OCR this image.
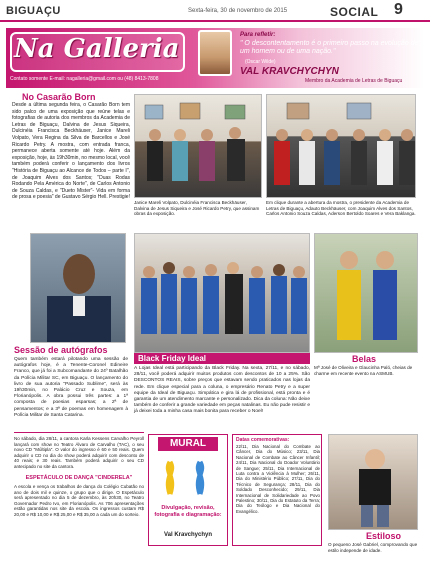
BIGUAÇU	Sexta-feira, 30 de novembro de 2015	SOCIAL 9
Na Galleria
Contato somente E-mail: nagalleria@gmail.com ou (48) 8413-7808
Para refletir:
" O descontentamento é o primeiro passo na evolução de um homem ou de uma nação."
(Oscar Wilde)
VAL KRAVCHYCHYN
Membro da Academia de Letras de Biguaçu
No Casarão Born
Desde a última segunda feira, o Casarão Born tem sido palco de uma exposição que reúne telas e fotografias de autoria dos membros da Academia de Letras de Biguaçu, Dalvina de Jesus Siqueira, Dulcinéia Francisca Beckhäuser, Janice Mareli Volpato, Vera Regina da Silva de Barcellos e José Ricardo Petry. A mostra, com entrada franca, permanece aberta somente até hoje. Além da exposição, hoje, às 19h30min, no mesmo local, você também poderá conferir o lançamento dos livros "História de Biguaçu ao Alcance de Todos – parte I", de Joaquim Alves dos Santos; "Duas Rodas Rodando Pela América do Norte", de Carlos Antonio de Souza Caldas, e "Dueto Mister"- Vida em forma de prosa e poesia" de Gustavo Sérgio Hell. Prestigie!
Janice Mareli Volpato, Dulcinéia Francisca Beckhäuser, Dalvina de Jesus Siqueira e José Ricardo Petry, que assinam obras da exposição.
Em clique durante a abertura da mostra, o presidente da Academia de Letras de Biguaçu, Adauto Beckhäuser, com Joaquim Alves dos Santos, Carlos Antonio Souza Caldas, Aderson Bertoldo Soares e Vera Baklanga.
Sessão de autógrafos
Quem também estará pilotando uma sessão de autógrafos hoje, é a Tenente-Coronel Edineire Franco, que já foi a Subcomandante do 24º Batalhão da Polícia Militar SC, em Biguaçu. O lançamento do livro de sua autoria "Passado Sublime", será às 19h30min, no Palácio Cruz e Souza, em Florianópolis. A obra possui três partes: a 1ª composta de poesias esparsas; a 2ª de pensamentos; e a 3ª de poemas em homenagem à Polícia Militar de Santa Catarina.
Black Friday Ideal
A Lojas Ideal está participando da Black Friday. Na sexta, 27/11, e no sábado, 28/11, você poderá adquirir muitos produtos com descontos de 10 a 25%. São DESCONTOS REAIS, sobre preços que estavam sendo praticados nas lojas da rede. Em clique especial para a coluna, o empresário Renato Petry e a super equipe da Ideal de Biguaçu. Simpática e gira lá de profissional, está pronta e é garantia de um atendimento marcante e personalizado. Dica da coluna: Não deixe também de conferir a grande variedade em peças natalinas. Eu não pude resistir e já deixei toda a minha casa mais bonita para receber o Noel!
Belas
Mª José de Oliveira e Glaucinha Paló, cheias de charme em recente evento na ASMUB.
No sábado, dia 28/11, a cantora Karla Kessens Carvalho Peyroll lançará com show no Teatro Álvaro de Carvalho (TAC), o seu novo CD "Múltipla". O valor do ingresso é 60 e 50 reais. Quem adquirir o CD no dia do show poderá adquirir com desconto de 40 reais; e 30 reais. Também poderá adquirir o seu CD antecipado no site da cantora.
ESPETÁCULO DE DANÇA "CINDERELA"
A escola e vença os trabalhos de dança do Colégio Cubatão no ano de dois mil e quinze, o grupo que o dirige. O Espetáculo será apresentado no dia 5 de dezembro, às 20h30, no Teatro Governador Pedro Ivo, em Florianópolis. As 706 apresentações estão garantidas nos site da escola. Os ingressos custam R$ 20,00 e R$ 10,00 e R$ 25,00 e R$ 35,00 a cada um do sorteio.
MURAL
Divulgação, revisão, fotografia e diagramação:
Val Kravchychyn
Datas comemorativas:
22/11, Dia Nacional do Combate ao Câncer, Dia do Músico; 23/11, Dia Nacional de Combate ao Câncer Infantil; 24/11, Dia Nacional do Doador Voluntário de Sangue; 25/11, Dia Internacional de Luta contra a Violência à Mulher; 26/11, Dia do Ministério Público; 27/11, Dia do Técnico de Segurança; 28/11, Dia do Soldado Desconhecido; 29/11, Dia Internacional de Solidariedade ao Povo Palestino; 30/11, Dia do Estatuto da Terra; Dia do Teólogo e Dia Nacional do Evangélico.
Estiloso
O pequeno José Gabriel, comprovando que estilo independe de idade.
